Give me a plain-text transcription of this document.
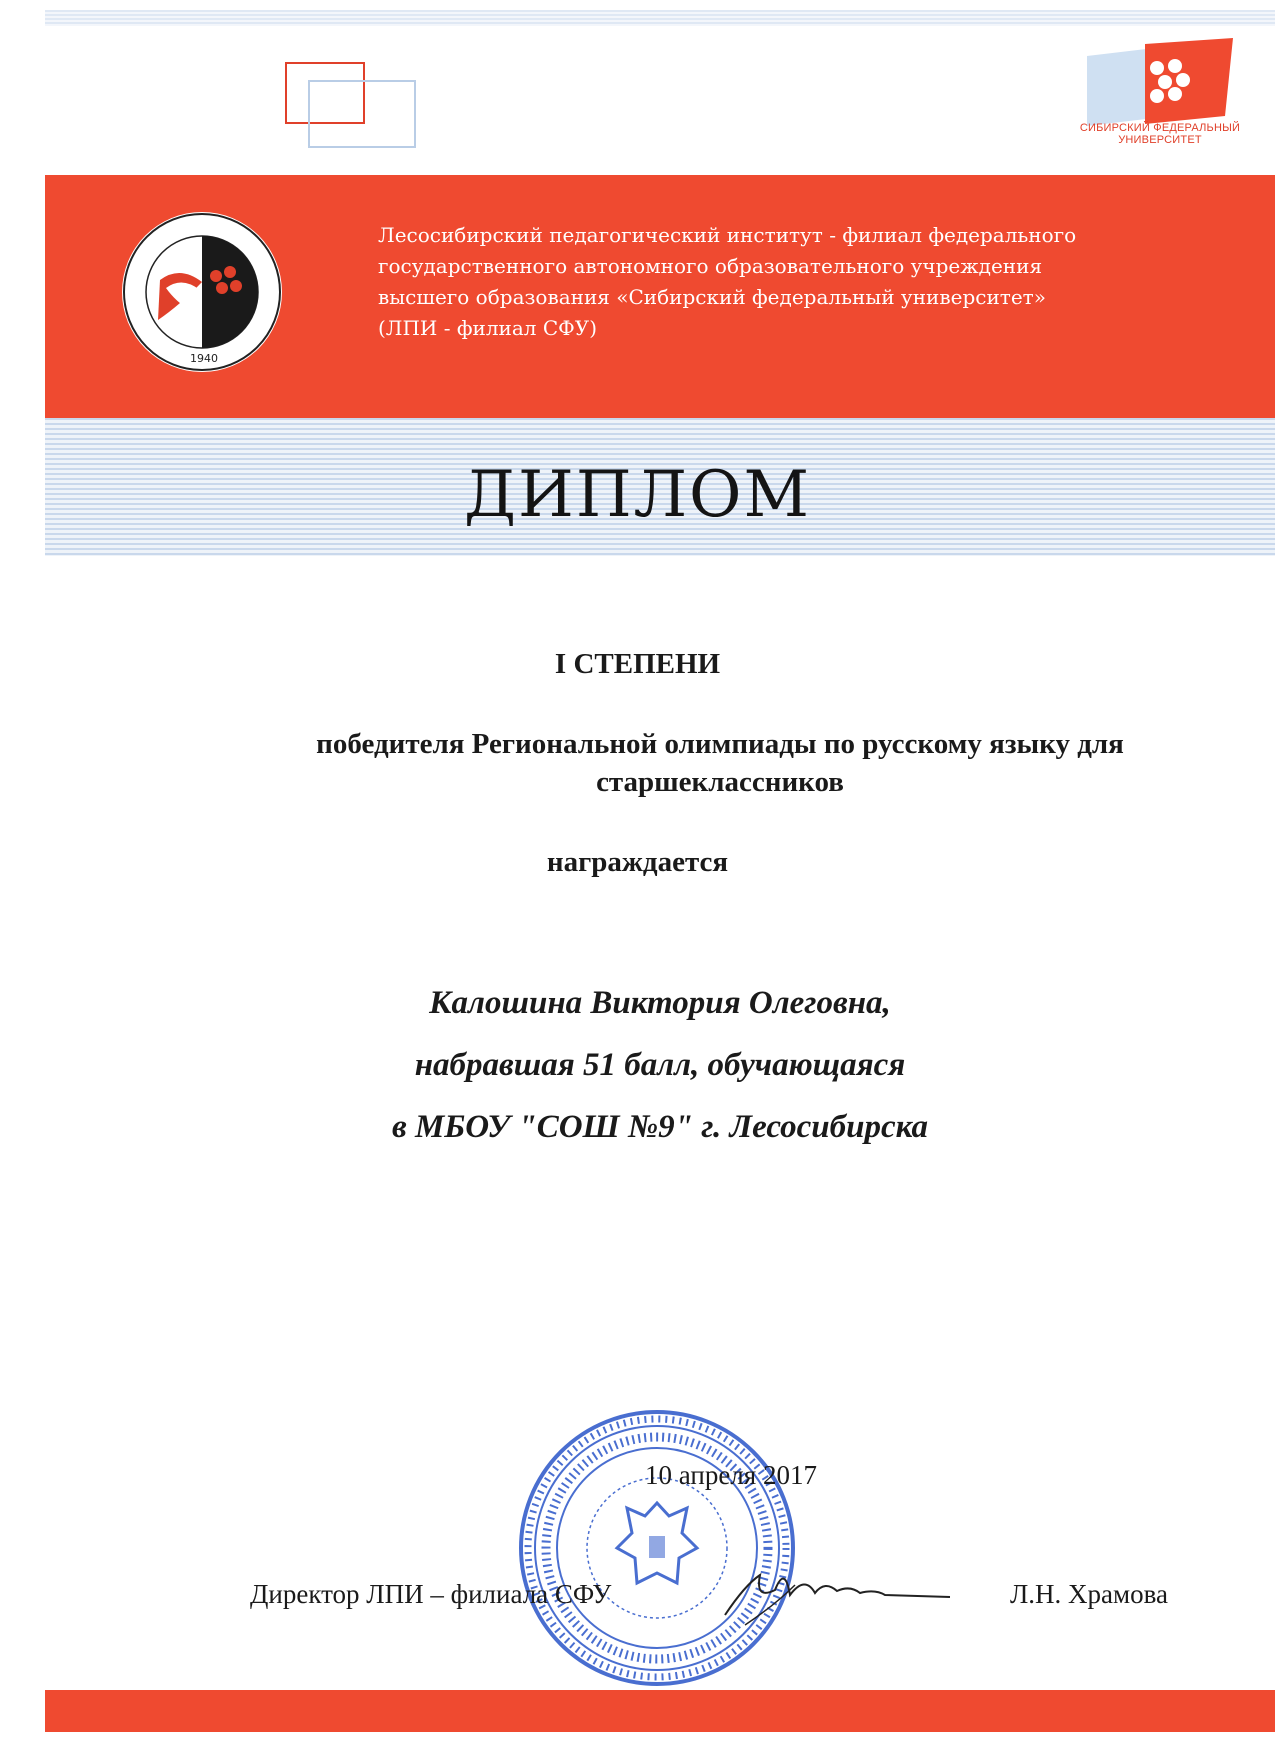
СИБИРСКИЙ ФЕДЕРАЛЬНЫЙ УНИВЕРСИТЕТ
1940
Лесосибирский педагогический институт - филиал федерального
государственного автономного образовательного учреждения
высшего образования «Сибирский федеральный университет»
(ЛПИ - филиал СФУ)
ДИПЛОМ
I СТЕПЕНИ
победителя Региональной олимпиады по русскому языку для
старшеклассников
награждается
Калошина Виктория Олеговна,
набравшая 51 балл, обучающаяся
в МБОУ "СОШ №9" г. Лесосибирска
10 апреля 2017
Директор ЛПИ – филиала СФУ	Л.Н. Храмова
